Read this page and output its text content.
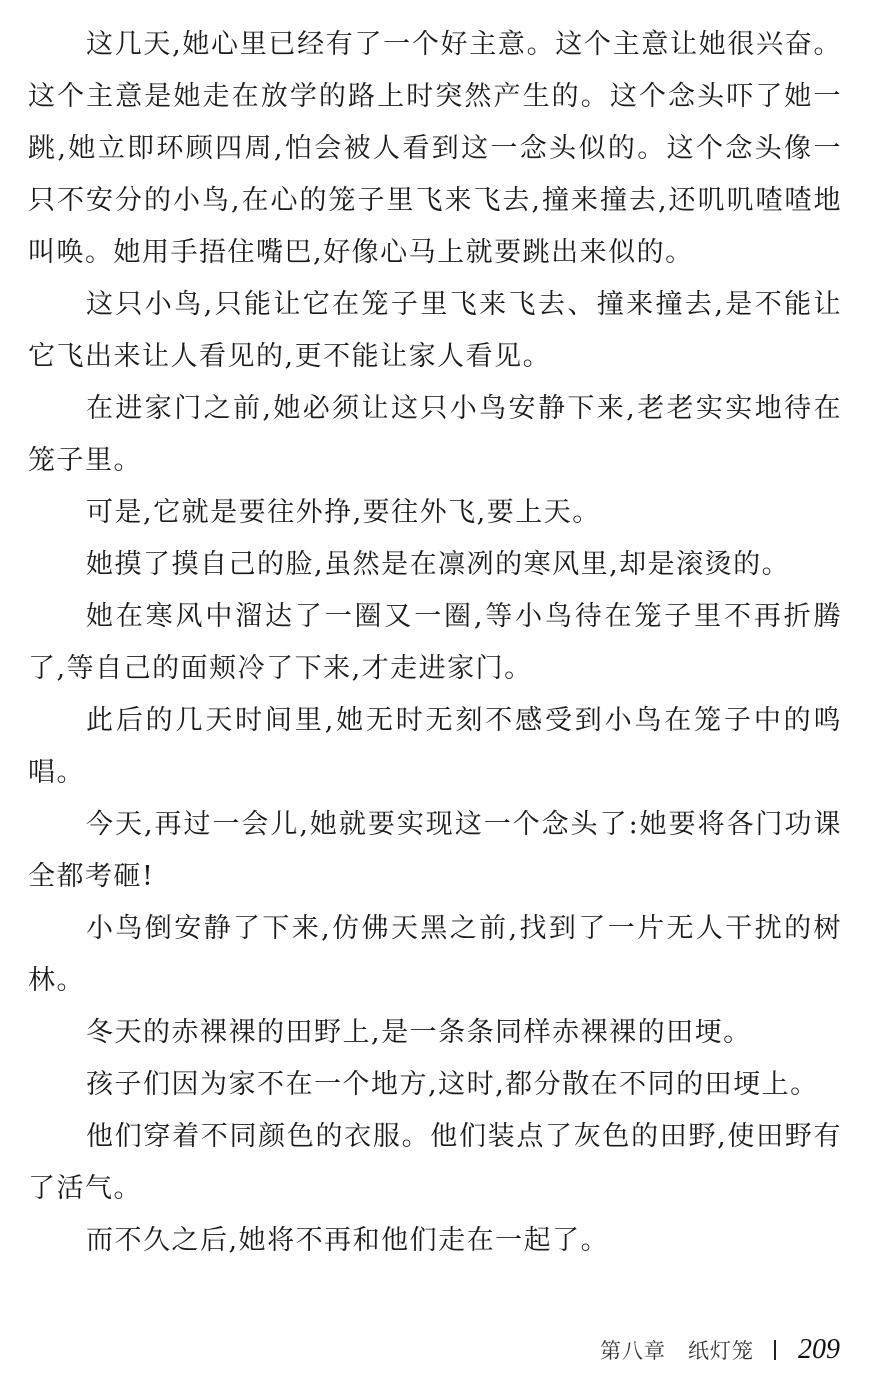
这几天,她心里已经有了一个好主意。这个主意让她很兴奋。这个主意是她走在放学的路上时突然产生的。这个念头吓了她一跳,她立即环顾四周,怕会被人看到这一念头似的。这个念头像一只不安分的小鸟,在心的笼子里飞来飞去,撞来撞去,还叽叽喳喳地叫唤。她用手捂住嘴巴,好像心马上就要跳出来似的。

这只小鸟,只能让它在笼子里飞来飞去、撞来撞去,是不能让它飞出来让人看见的,更不能让家人看见。

在进家门之前,她必须让这只小鸟安静下来,老老实实地待在笼子里。

可是,它就是要往外挣,要往外飞,要上天。

她摸了摸自己的脸,虽然是在凛冽的寒风里,却是滚烫的。

她在寒风中溜达了一圈又一圈,等小鸟待在笼子里不再折腾了,等自己的面颊冷了下来,才走进家门。

此后的几天时间里,她无时无刻不感受到小鸟在笼子中的鸣唱。

今天,再过一会儿,她就要实现这一个念头了:她要将各门功课全都考砸!

小鸟倒安静了下来,仿佛天黑之前,找到了一片无人干扰的树林。

冬天的赤裸裸的田野上,是一条条同样赤裸裸的田埂。

孩子们因为家不在一个地方,这时,都分散在不同的田埂上。

他们穿着不同颜色的衣服。他们装点了灰色的田野,使田野有了活气。

而不久之后,她将不再和他们走在一起了。

第八章 纸灯笼 209
